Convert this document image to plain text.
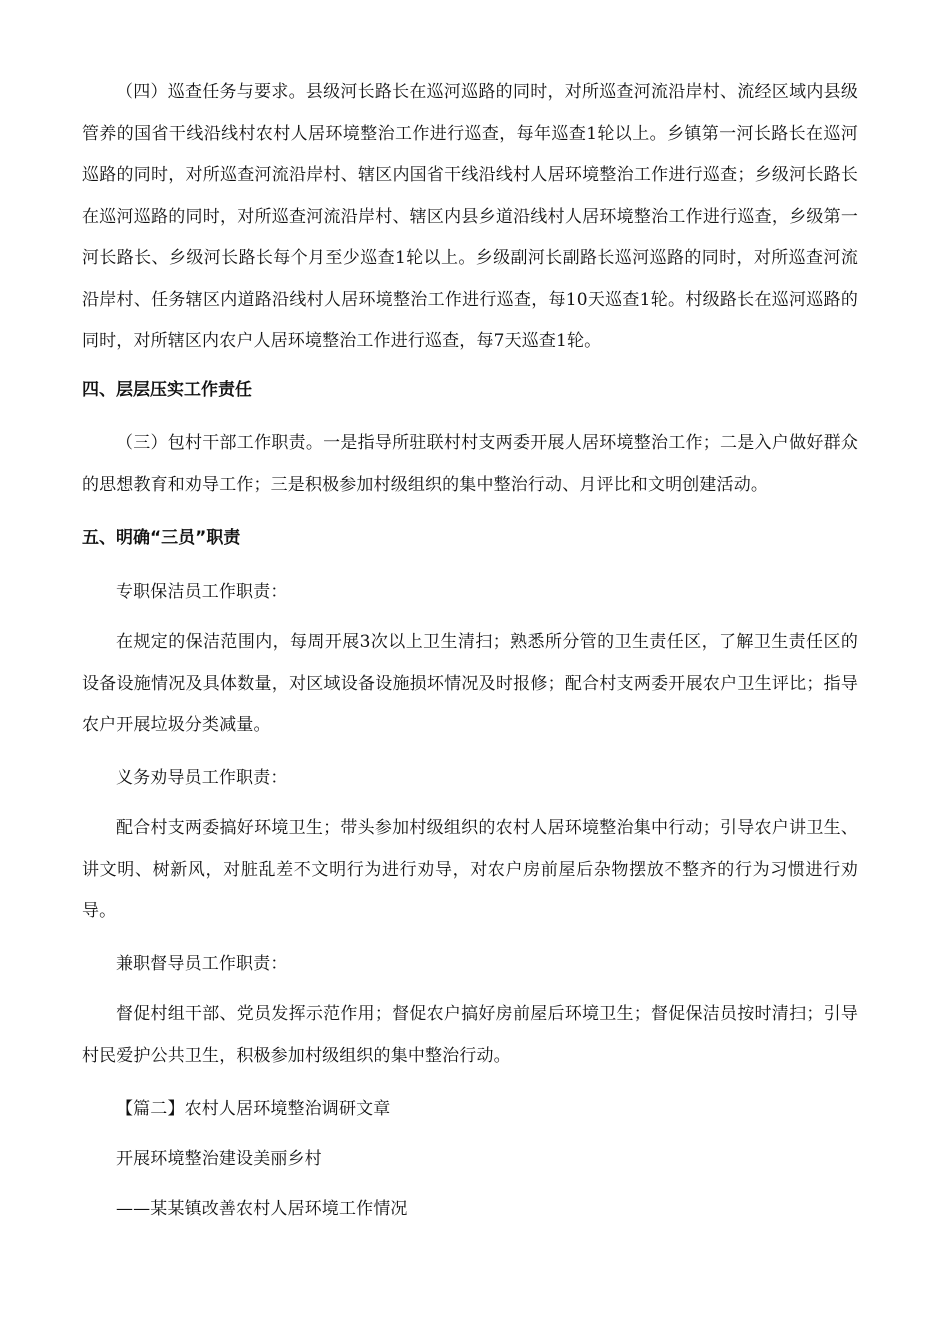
（四）巡查任务与要求。县级河长路长在巡河巡路的同时，对所巡查河流沿岸村、流经区域内县级管养的国省干线沿线村农村人居环境整治工作进行巡查，每年巡查1轮以上。乡镇第一河长路长在巡河巡路的同时，对所巡查河流沿岸村、辖区内国省干线沿线村人居环境整治工作进行巡查；乡级河长路长在巡河巡路的同时，对所巡查河流沿岸村、辖区内县乡道沿线村人居环境整治工作进行巡查，乡级第一河长路长、乡级河长路长每个月至少巡查1轮以上。乡级副河长副路长巡河巡路的同时，对所巡查河流沿岸村、任务辖区内道路沿线村人居环境整治工作进行巡查，每10天巡查1轮。村级路长在巡河巡路的同时，对所辖区内农户人居环境整治工作进行巡查，每7天巡查1轮。

四、层层压实工作责任

（三）包村干部工作职责。一是指导所驻联村村支两委开展人居环境整治工作；二是入户做好群众的思想教育和劝导工作；三是积极参加村级组织的集中整治行动、月评比和文明创建活动。

五、明确“三员”职责

专职保洁员工作职责：

在规定的保洁范围内，每周开展3次以上卫生清扫；熟悉所分管的卫生责任区，了解卫生责任区的设备设施情况及具体数量，对区域设备设施损坏情况及时报修；配合村支两委开展农户卫生评比；指导农户开展垃圾分类减量。

义务劝导员工作职责：

配合村支两委搞好环境卫生；带头参加村级组织的农村人居环境整治集中行动；引导农户讲卫生、讲文明、树新风，对脏乱差不文明行为进行劝导，对农户房前屋后杂物摆放不整齐的行为习惯进行劝导。

兼职督导员工作职责：

督促村组干部、党员发挥示范作用；督促农户搞好房前屋后环境卫生；督促保洁员按时清扫；引导村民爱护公共卫生，积极参加村级组织的集中整治行动。

【篇二】农村人居环境整治调研文章

开展环境整治建设美丽乡村

——某某镇改善农村人居环境工作情况
